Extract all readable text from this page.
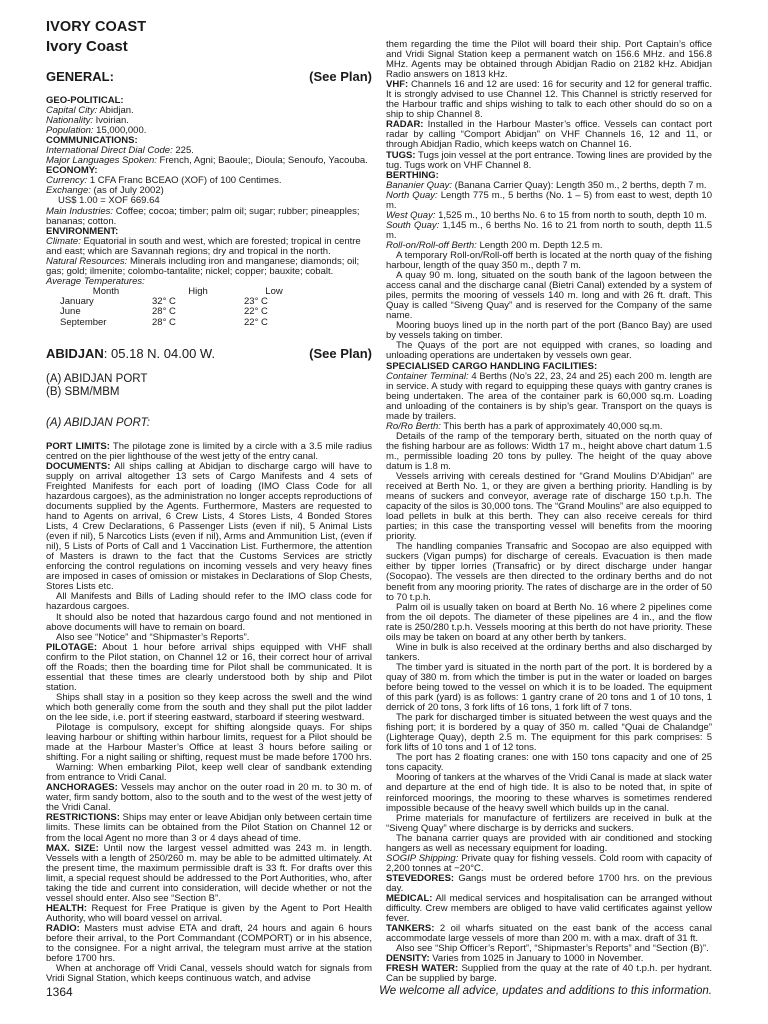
IVORY COAST
Ivory Coast
GENERAL:	(See Plan)

GEO-POLITICAL:

Capital City: Abidjan.

Nationality: Ivoirian.

Population: 15,000,000.

COMMUNICATIONS:

International Direct Dial Code: 225.

Major Languages Spoken: French, Agni; Baoule;, Dioula; Senoufo, Yacouba.

ECONOMY:

Currency: 1 CFA Franc BCEAO (XOF) of 100 Centimes.

Exchange: (as of July 2002)

US$ 1.00 = XOF 669.64

Main Industries: Coffee; cocoa; timber; palm oil; sugar; rubber; pineapples; bananas; cotton.

ENVIRONMENT:

Climate: Equatorial in south and west, which are forested; tropical in centre and east; which are Savannah regions; dry and tropical in the north.

Natural Resources: Minerals including iron and manganese; diamonds; oil; gas; gold; ilmenite; colombo-tantalite; nickel; copper; bauxite; cobalt.

Average Temperatures:

Month	High	Low
January	32° C	23° C
June	28° C	22° C
September	28° C	22° C
ABIDJAN: 05.18 N. 04.00 W.	(See Plan)

(A) ABIDJAN PORT

(B) SBM/MBM

(A) ABIDJAN PORT:

PORT LIMITS: The pilotage zone is limited by a circle with a 3.5 mile radius centred on the pier lighthouse of the west jetty of the entry canal.

DOCUMENTS: All ships calling at Abidjan to discharge cargo will have to supply on arrival altogether 13 sets of Cargo Manifests and 4 sets of Freighted Manifests for each port of loading (IMO Class Code for all hazardous cargoes), as the administration no longer accepts reproductions of documents supplied by the Agents. Furthermore, Masters are requested to hand to Agents on arrival, 6 Crew Lists, 4 Stores Lists, 4 Bonded Stores Lists, 4 Crew Declarations, 6 Passenger Lists (even if nil), 5 Animal Lists (even if nil), 5 Narcotics Lists (even if nil), Arms and Ammunition List, (even if nil), 5 Lists of Ports of Call and 1 Vaccination List. Furthermore, the attention of Masters is drawn to the fact that the Customs Services are strictly enforcing the control regulations on incoming vessels and very heavy fines are imposed in cases of omission or mistakes in Declarations of Slop Chests, Stores Lists etc.

All Manifests and Bills of Lading should refer to the IMO class code for hazardous cargoes.

It should also be noted that hazardous cargo found and not mentioned in above documents will have to remain on board.

Also see “Notice” and “Shipmaster’s Reports”.

PILOTAGE: About 1 hour before arrival ships equipped with VHF shall confirm to the Pilot station, on Channel 12 or 16, their correct hour of arrival off the Roads; then the boarding time for Pilot shall be communicated. It is essential that these times are clearly understood both by ship and Pilot station.

Ships shall stay in a position so they keep across the swell and the wind which both generally come from the south and they shall put the pilot ladder on the lee side, i.e. port if steering eastward, starboard if steering westward.

Pilotage is compulsory, except for shifting alongside quays. For ships leaving harbour or shifting within harbour limits, request for a Pilot should be made at the Harbour Master’s Office at least 3 hours before sailing or shifting. For a night sailing or shifting, request must be made before 1700 hrs.

Warning: When embarking Pilot, keep well clear of sandbank extending from entrance to Vridi Canal.

ANCHORAGES: Vessels may anchor on the outer road in 20 m. to 30 m. of water, firm sandy bottom, also to the south and to the west of the west jetty of the Vridi Canal.

RESTRICTIONS: Ships may enter or leave Abidjan only between certain time limits. These limits can be obtained from the Pilot Station on Channel 12 or from the local Agent no more than 3 or 4 days ahead of time.

MAX. SIZE: Until now the largest vessel admitted was 243 m. in length. Vessels with a length of 250/260 m. may be able to be admitted ultimately. At the present time, the maximum permissible draft is 33 ft. For drafts over this limit, a special request should be addressed to the Port Authorities, who, after taking the tide and current into consideration, will decide whether or not the vessel should enter. Also see “Section B”.

HEALTH: Request for Free Pratique is given by the Agent to Port Health Authority, who will board vessel on arrival.

RADIO: Masters must advise ETA and draft, 24 hours and again 6 hours before their arrival, to the Port Commandant (COMPORT) or in his absence, to the consignee. For a night arrival, the telegram must arrive at the station before 1700 hrs.

When at anchorage off Vridi Canal, vessels should watch for signals from Vridi Signal Station, which keeps continuous watch, and advise

them regarding the time the Pilot will board their ship. Port Captain’s office and Vridi Signal Station keep a permanent watch on 156.6 MHz. and 156.8 MHz. Agents may be obtained through Abidjan Radio on 2182 kHz. Abidjan Radio answers on 1813 kHz.

VHF: Channels 16 and 12 are used: 16 for security and 12 for general traffic. It is strongly advised to use Channel 12. This Channel is strictly reserved for the Harbour traffic and ships wishing to talk to each other should do so on a ship to ship Channel 8.

RADAR: Installed in the Harbour Master’s office. Vessels can contact port radar by calling “Comport Abidjan” on VHF Channels 16, 12 and 11, or through Abidjan Radio, which keeps watch on Channel 16.

TUGS: Tugs join vessel at the port entrance. Towing lines are provided by the tug. Tugs work on VHF Channel 8.

BERTHING:

Bananier Quay: (Banana Carrier Quay): Length 350 m., 2 berths, depth 7 m.

North Quay: Length 775 m., 5 berths (No. 1 – 5) from east to west, depth 10 m.

West Quay: 1,525 m., 10 berths No. 6 to 15 from north to south, depth 10 m.

South Quay: 1,145 m., 6 berths No. 16 to 21 from north to south, depth 11.5 m.

Roll-on/Roll-off Berth: Length 200 m. Depth 12.5 m.

A temporary Roll-on/Roll-off berth is located at the north quay of the fishing harbour, length of the quay 350 m., depth 7 m.

A quay 90 m. long, situated on the south bank of the lagoon between the access canal and the discharge canal (Bietri Canal) extended by a system of piles, permits the mooring of vessels 140 m. long and with 26 ft. draft. This Quay is called “Siveng Quay” and is reserved for the Company of the same name.

Mooring buoys lined up in the north part of the port (Banco Bay) are used by vessels taking on timber.

The Quays of the port are not equipped with cranes, so loading and unloading operations are undertaken by vessels own gear.

SPECIALISED CARGO HANDLING FACILITIES:

Container Terminal: 4 Berths (No’s 22, 23, 24 and 25) each 200 m. length are in service. A study with regard to equipping these quays with gantry cranes is being undertaken. The area of the container park is 60,000 sq.m. Loading and unloading of the containers is by ship’s gear. Transport on the quays is made by trailers.

Ro/Ro Berth: This berth has a park of approximately 40,000 sq.m.

Details of the ramp of the temporary berth, situated on the north quay of the fishing harbour are as follows: Width 17 m., height above chart datum 1.5 m., permissible loading 20 tons by pulley. The height of the quay above datum is 1.8 m.

Vessels arriving with cereals destined for “Grand Moulins D’Abidjan” are received at Berth No. 1, or they are given a berthing priority. Handling is by means of suckers and conveyor, average rate of discharge 150 t.p.h. The capacity of the silos is 30,000 tons. The “Grand Moulins” are also equipped to load pellets in bulk at this berth. They can also receive cereals for third parties; in this case the transporting vessel will benefits from the mooring priority.

The handling companies Transafric and Socopao are also equipped with suckers (Vigan pumps) for discharge of cereals. Evacuation is then made either by tipper lorries (Transafric) or by direct discharge under hangar (Socopao). The vessels are then directed to the ordinary berths and do not benefit from any mooring priority. The rates of discharge are in the order of 50 to 70 t.p.h.

Palm oil is usually taken on board at Berth No. 16 where 2 pipelines come from the oil depots. The diameter of these pipelines are 4 in., and the flow rate is 250/280 t.p.h. Vessels mooring at this berth do not have priority. These oils may be taken on board at any other berth by tankers.

Wine in bulk is also received at the ordinary berths and also discharged by tankers.

The timber yard is situated in the north part of the port. It is bordered by a quay of 380 m. from which the timber is put in the water or loaded on barges before being towed to the vessel on which it is to be loaded. The equipment of this park (yard) is as follows: 1 gantry crane of 20 tons and 1 of 10 tons, 1 derrick of 20 tons, 3 fork lifts of 16 tons, 1 fork lift of 7 tons.

The park for discharged timber is situated between the west quays and the fishing port; it is bordered by a quay of 350 m. called “Quai de Chalandge” (Lighterage Quay), depth 2.5 m. The equipment for this park comprises: 5 fork lifts of 10 tons and 1 of 12 tons.

The port has 2 floating cranes: one with 150 tons capacity and one of 25 tons capacity.

Mooring of tankers at the wharves of the Vridi Canal is made at slack water and departure at the end of high tide. It is also to be noted that, in spite of reinforced moorings, the mooring to these wharves is sometimes rendered impossible because of the heavy swell which builds up in the canal.

Prime materials for manufacture of fertilizers are received in bulk at the “Siveng Quay” where discharge is by derricks and suckers.

The banana carrier quays are provided with air conditioned and stocking hangers as well as necessary equipment for loading.

SOGIP Shipping: Private quay for fishing vessels. Cold room with capacity of 2,200 tonnes at −20°C.

STEVEDORES: Gangs must be ordered before 1700 hrs. on the previous day.

MEDICAL: All medical services and hospitalisation can be arranged without difficulty. Crew members are obliged to have valid certificates against yellow fever.

TANKERS: 2 oil wharfs situated on the east bank of the access canal accommodate large vessels of more than 200 m. with a max. draft of 31 ft.

Also see “Ship Officer’s Report”, “Shipmaster’s Reports” and “Section (B)”.

DENSITY: Varies from 1025 in January to 1000 in November.

FRESH WATER: Supplied from the quay at the rate of 40 t.p.h. per hydrant. Can be supplied by barge.

1364	We welcome all advice, updates and additions to this information.
